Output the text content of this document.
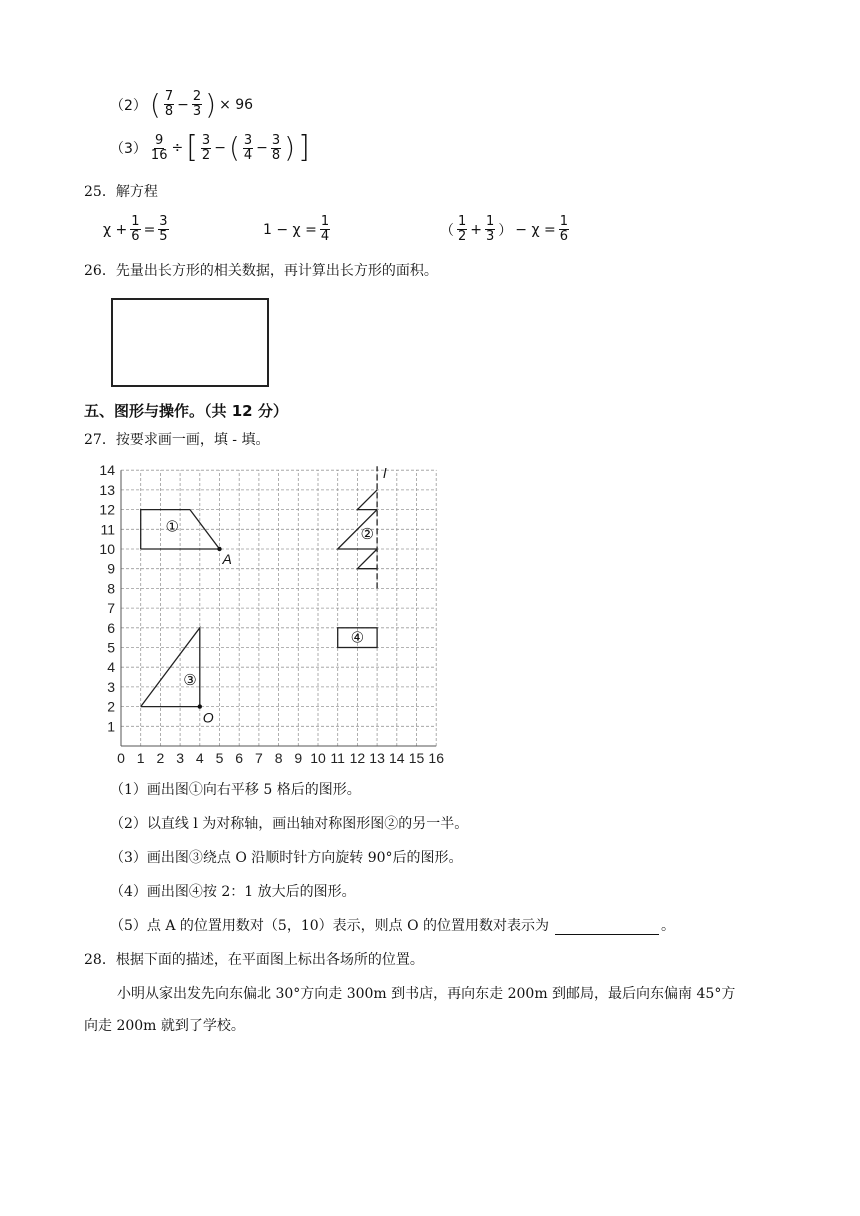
（2） ( $\frac{7}{8} - \frac{2}{3}$ ) × 96
$(3) \frac{9}{16}$ ÷ [ $\frac{3}{2}$ − ( $\frac{3}{4} - \frac{3}{8}$ ) ]
25．解方程
$\chi + \frac{1}{6} = \frac{3}{5}$	$1 - \chi = \frac{1}{4}$	（ $\frac{1}{2} + \frac{1}{3}$ ） − $\chi = \frac{1}{6}$
26．先量出长方形的相关数据，再计算出长方形的面积。
五、图形与操作。（共 12 分）
27．按要求画一画，填 - 填。
0 1 2 3 4 5 6 7 8 9 10 11 12 13 14 15 16
1
2
3
4
5
6
7
8
9
10
11
12
13
14
A
①
l
②
O
③
④
（1）画出图①向右平移 5 格后的图形。
（2）以直线 l 为对称轴，画出轴对称图形图②的另一半。
（3）画出图③绕点 O 沿顺时针方向旋转 90°后的图形。
（4）画出图④按 2：1 放大后的图形。
（5）点 A 的位置用数对（5，10）表示，则点 O 的位置用数对表示为	。
28．根据下面的描述，在平面图上标出各场所的位置。
小明从家出发先向东偏北 30°方向走 300m 到书店，再向东走 200m 到邮局，最后向东偏南 45°方
向走 200m 就到了学校。
